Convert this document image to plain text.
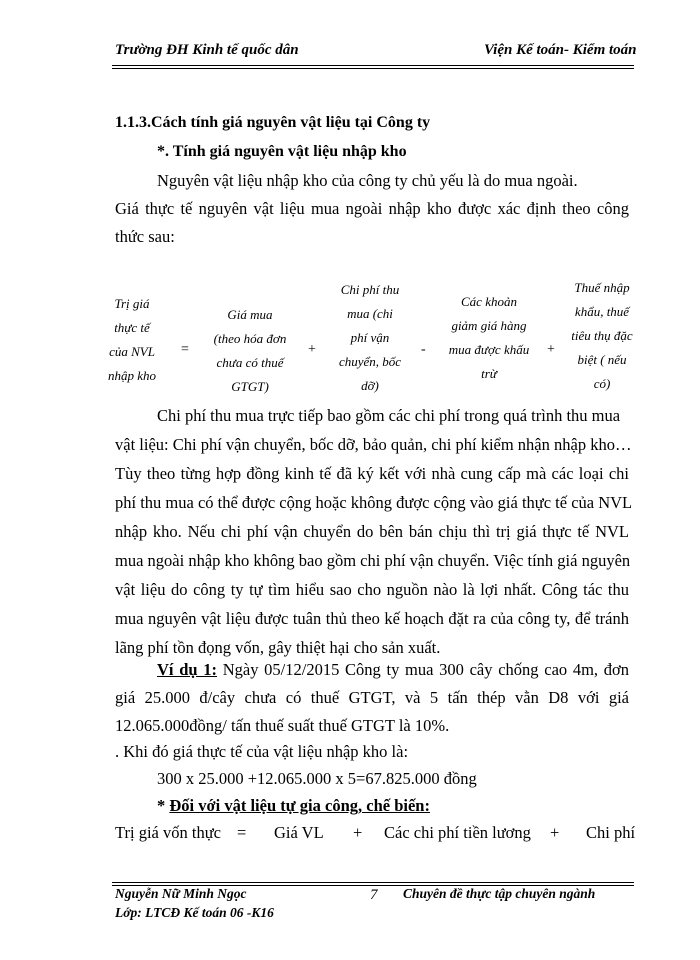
Trường ĐH Kinh tế quốc dân	Viện Kế toán- Kiểm toán
1.1.3.Cách tính giá nguyên vật liệu tại Công ty
*. Tính giá nguyên vật liệu nhập kho
Nguyên vật liệu nhập kho của công ty chủ yếu là do mua ngoài.
Giá thực tế nguyên vật liệu mua ngoài nhập kho được xác định theo công
thức sau:
Trị giá
thực tế
của NVL
nhập kho
=
Giá mua
(theo hóa đơn
chưa có thuế
GTGT)
+
Chi phí thu
mua (chi
phí vận
chuyển, bốc
dỡ)
-
Các khoản
giảm giá hàng
mua được khấu
trừ
+
Thuế nhập
khẩu, thuế
tiêu thụ đặc
biệt ( nếu
có)
Chi phí thu mua trực tiếp bao gồm các chi phí trong quá trình thu mua
vật liệu: Chi phí vận chuyển, bốc dỡ, bảo quản, chi phí kiểm nhận nhập kho…
Tùy theo từng hợp đồng kinh tế đã ký kết với nhà cung cấp mà các loại chi
phí thu mua có thể được cộng hoặc không được cộng vào giá thực tế của NVL
nhập kho. Nếu chi phí vận chuyển do bên bán chịu thì trị giá thực tế NVL
mua ngoài nhập kho không bao gồm chi phí vận chuyển. Việc tính giá nguyên
vật liệu do công ty tự tìm hiểu sao cho nguồn nào là lợi nhất. Công tác thu
mua nguyên vật liệu được tuân thủ theo kế hoạch đặt ra của công ty, để tránh
lãng phí tồn đọng vốn, gây thiệt hại cho sản xuất.
Ví dụ 1: Ngày 05/12/2015 Công ty mua 300 cây chống cao 4m, đơn
giá 25.000 đ/cây chưa có thuế GTGT, và 5 tấn thép vằn D8 với giá
12.065.000đồng/ tấn thuế suất thuế GTGT là 10%.
. Khi đó giá thực tế của vật liệu nhập kho là:
300 x 25.000 +12.065.000 x 5=67.825.000 đồng
* Đối với vật liệu tự gia công, chế biến:
Trị giá vốn thực = Giá VL + Các chi phí tiền lương + Chi phí
Nguyễn Nữ Minh Ngọc
Lớp: LTCĐ Kế toán 06 -K16
7 Chuyên đề thực tập chuyên ngành
